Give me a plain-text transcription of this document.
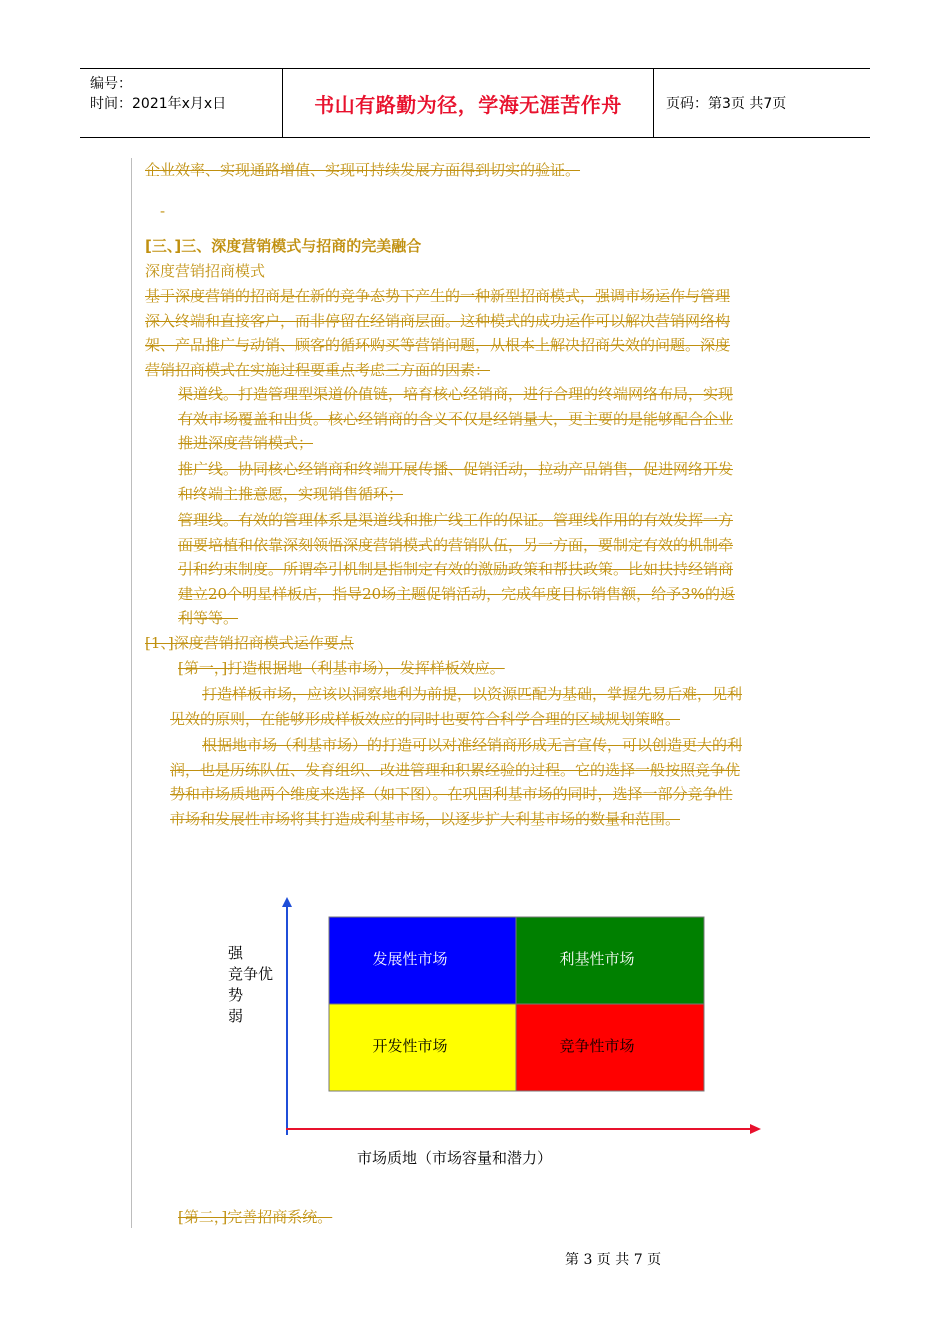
编号：
时间：2021年x月x日	书山有路勤为径，学海无涯苦作舟	页码：第3页 共7页
企业效率、实现通路增值、实现可持续发展方面得到切实的验证。
-
[三、]三、深度营销模式与招商的完美融合
深度营销招商模式
基于深度营销的招商是在新的竞争态势下产生的一种新型招商模式，强调市场运作与管理
深入终端和直接客户，而非停留在经销商层面。这种模式的成功运作可以解决营销网络构
架、产品推广与动销、顾客的循环购买等营销问题，从根本上解决招商失效的问题。深度
营销招商模式在实施过程要重点考虑三方面的因素：
渠道线。打造管理型渠道价值链，培育核心经销商，进行合理的终端网络布局，实现
有效市场覆盖和出货。核心经销商的含义不仅是经销量大，更主要的是能够配合企业
推进深度营销模式；
推广线。协同核心经销商和终端开展传播、促销活动，拉动产品销售，促进网络开发
和终端主推意愿，实现销售循环；
管理线。有效的管理体系是渠道线和推广线工作的保证。管理线作用的有效发挥一方
面要培植和依靠深刻领悟深度营销模式的营销队伍，另一方面，要制定有效的机制牵
引和约束制度。所谓牵引机制是指制定有效的激励政策和帮扶政策。比如扶持经销商
建立20个明星样板店，指导20场主题促销活动，完成年度目标销售额，给予3%的返
利等等。
[1、]深度营销招商模式运作要点
[第一，]打造根据地（利基市场），发挥样板效应。
打造样板市场，应该以洞察地利为前提，以资源匹配为基础，掌握先易后难，见利
见效的原则，在能够形成样板效应的同时也要符合科学合理的区域规划策略。
根据地市场（利基市场）的打造可以对准经销商形成无言宣传，可以创造更大的利
润，也是历练队伍、发育组织、改进管理和积累经验的过程。它的选择一般按照竞争优
势和市场质地两个维度来选择（如下图）。在巩固利基市场的同时，选择一部分竞争性
市场和发展性市场将其打造成利基市场，以逐步扩大利基市场的数量和范围。
强
竞争优
势
弱
发展性市场	利基性市场
开发性市场	竞争性市场
市场质地（市场容量和潜力）
[第二，]完善招商系统。
第 3 页 共 7 页
